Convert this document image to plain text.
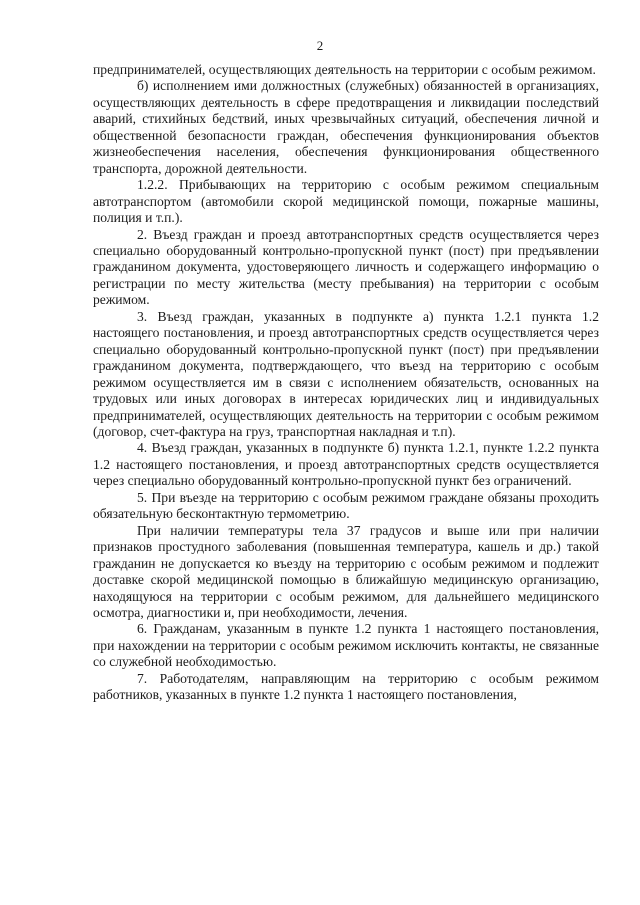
2

предпринимателей, осуществляющих деятельность на территории с особым режимом.

б) исполнением ими должностных (служебных) обязанностей в организациях, осуществляющих деятельность в сфере предотвращения и ликвидации последствий аварий, стихийных бедствий, иных чрезвычайных ситуаций, обеспечения личной и общественной безопасности граждан, обеспечения функционирования объектов жизнеобеспечения населения, обеспечения функционирования общественного транспорта, дорожной деятельности.

1.2.2. Прибывающих на территорию с особым режимом специальным автотранспортом (автомобили скорой медицинской помощи, пожарные машины, полиция и т.п.).

2. Въезд граждан и проезд автотранспортных средств осуществляется через специально оборудованный контрольно-пропускной пункт (пост) при предъявлении гражданином документа, удостоверяющего личность и содержащего информацию о регистрации по месту жительства (месту пребывания) на территории с особым режимом.

3. Въезд граждан, указанных в подпункте а) пункта 1.2.1 пункта 1.2 настоящего постановления, и проезд автотранспортных средств осуществляется через специально оборудованный контрольно-пропускной пункт (пост) при предъявлении гражданином документа, подтверждающего, что въезд на территорию с особым режимом осуществляется им в связи с исполнением обязательств, основанных на трудовых или иных договорах в интересах юридических лиц и индивидуальных предпринимателей, осуществляющих деятельность на территории с особым режимом (договор, счет-фактура на груз, транспортная накладная и т.п).

4. Въезд граждан, указанных в подпункте б) пункта 1.2.1, пункте 1.2.2 пункта 1.2 настоящего постановления, и проезд автотранспортных средств осуществляется через специально оборудованный контрольно-пропускной пункт без ограничений.

5. При въезде на территорию с особым режимом граждане обязаны проходить обязательную бесконтактную термометрию.

При наличии температуры тела 37 градусов и выше или при наличии признаков простудного заболевания (повышенная температура, кашель и др.) такой гражданин не допускается ко въезду на территорию с особым режимом и подлежит доставке скорой медицинской помощью в ближайшую медицинскую организацию, находящуюся на территории с особым режимом, для дальнейшего медицинского осмотра, диагностики и, при необходимости, лечения.

6. Гражданам, указанным в пункте 1.2 пункта 1 настоящего постановления, при нахождении на территории с особым режимом исключить контакты, не связанные со служебной необходимостью.

7. Работодателям, направляющим на территорию с особым режимом работников, указанных в пункте 1.2 пункта 1 настоящего постановления,
